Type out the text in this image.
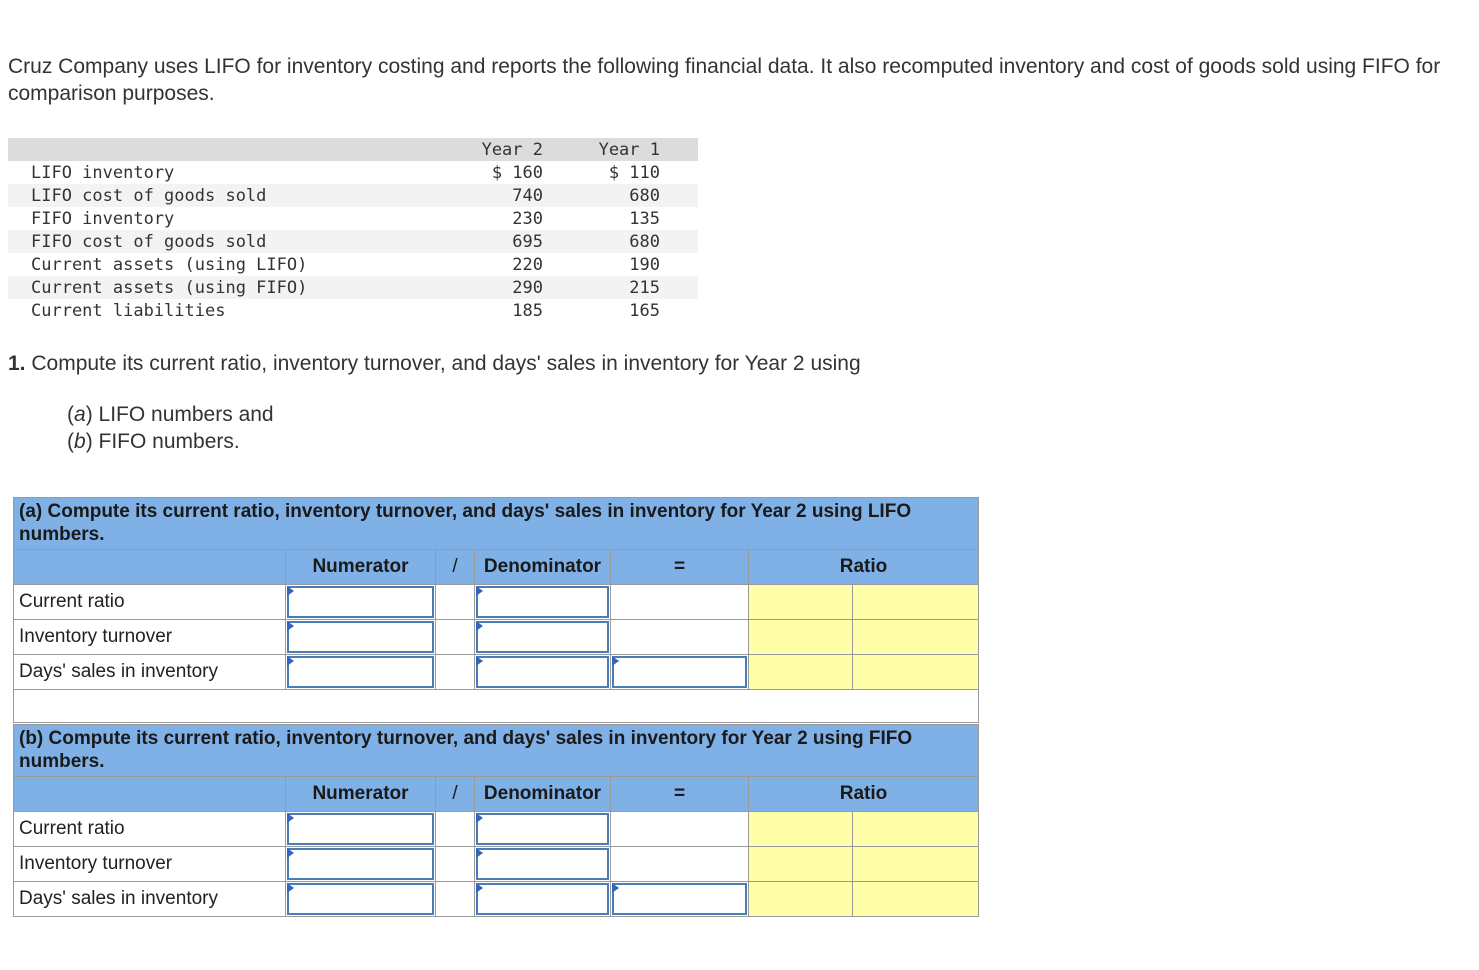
Cruz Company uses LIFO for inventory costing and reports the following financial data. It also recomputed inventory and cost of goods sold using FIFO for comparison purposes.
	Year 2	Year 1
LIFO inventory	$ 160	$ 110
LIFO cost of goods sold	740	680
FIFO inventory	230	135
FIFO cost of goods sold	695	680
Current assets (using LIFO)	220	190
Current assets (using FIFO)	290	215
Current liabilities	185	165
1. Compute its current ratio, inventory turnover, and days' sales in inventory for Year 2 using
(a) LIFO numbers and
(b) FIFO numbers.
(a) Compute its current ratio, inventory turnover, and days' sales in inventory for Year 2 using LIFO numbers.						
	Numerator	/	Denominator	=	Ratio	
Current ratio	

Inventory turnover	

Days' sales in inventory	

(b) Compute its current ratio, inventory turnover, and days' sales in inventory for Year 2 using FIFO numbers.						
	Numerator	/	Denominator	=	Ratio	
Current ratio	

Inventory turnover	

Days' sales in inventory	
